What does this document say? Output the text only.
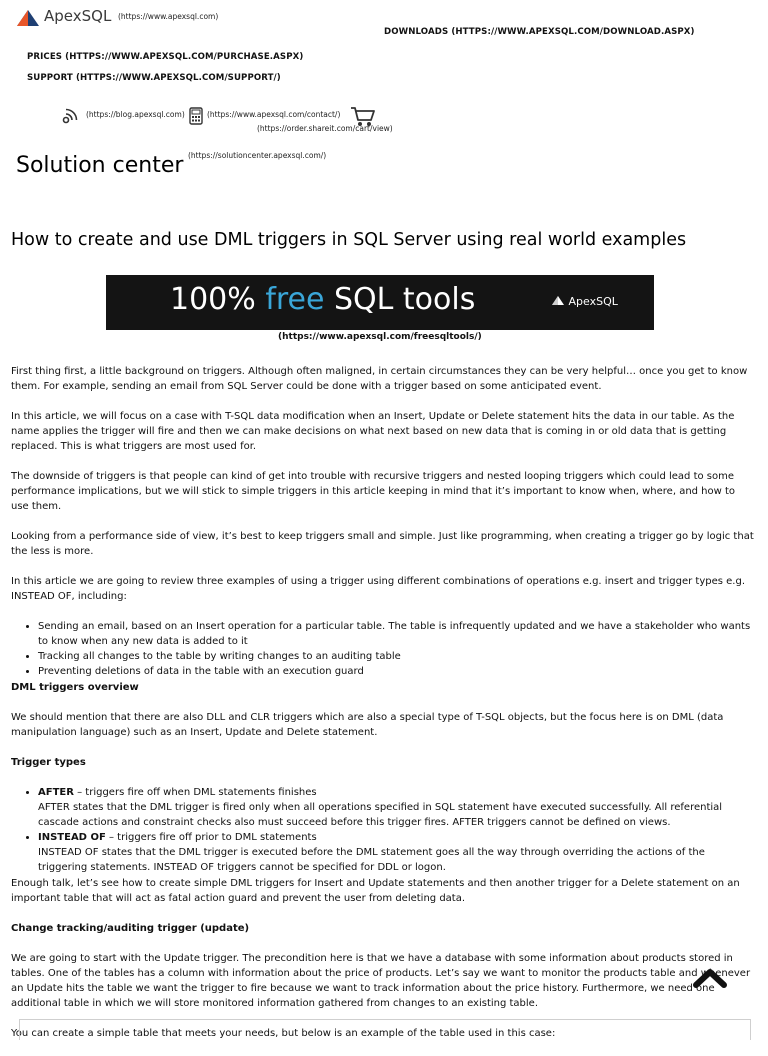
ApexSQL (https://www.apexsql.com)
DOWNLOADS (HTTPS://WWW.APEXSQL.COM/DOWNLOAD.ASPX)
PRICES (HTTPS://WWW.APEXSQL.COM/PURCHASE.ASPX)
SUPPORT (HTTPS://WWW.APEXSQL.COM/SUPPORT/)
(https://blog.apexsql.com)	(https://www.apexsql.com/contact/)
(https://order.shareit.com/cart/view)
Solution center (https://solutioncenter.apexsql.com/)
How to create and use DML triggers in SQL Server using real world examples
100% free SQL tools	ApexSQL
(https://www.apexsql.com/freesqltools/)

First thing first, a little background on triggers. Although often maligned, in certain circumstances they can be very helpful… once you get to know them. For example, sending an email from SQL Server could be done with a trigger based on some anticipated event.

In this article, we will focus on a case with T-SQL data modification when an Insert, Update or Delete statement hits the data in our table. As the name applies the trigger will fire and then we can make decisions on what next based on new data that is coming in or old data that is getting replaced. This is what triggers are most used for.

The downside of triggers is that people can kind of get into trouble with recursive triggers and nested looping triggers which could lead to some performance implications, but we will stick to simple triggers in this article keeping in mind that it’s important to know when, where, and how to use them.

Looking from a performance side of view, it’s best to keep triggers small and simple. Just like programming, when creating a trigger go by logic that the less is more.

In this article we are going to review three examples of using a trigger using different combinations of operations e.g. insert and trigger types e.g. INSTEAD OF, including:

• Sending an email, based on an Insert operation for a particular table. The table is infrequently updated and we have a stakeholder who wants to know when any new data is added to it
• Tracking all changes to the table by writing changes to an auditing table
• Preventing deletions of data in the table with an execution guard
DML triggers overview

We should mention that there are also DLL and CLR triggers which are also a special type of T-SQL objects, but the focus here is on DML (data manipulation language) such as an Insert, Update and Delete statement.

Trigger types
• AFTER – triggers fire off when DML statements finishes
AFTER states that the DML trigger is fired only when all operations specified in SQL statement have executed successfully. All referential cascade actions and constraint checks also must succeed before this trigger fires. AFTER triggers cannot be defined on views.
• INSTEAD OF – triggers fire off prior to DML statements
INSTEAD OF states that the DML trigger is executed before the DML statement goes all the way through overriding the actions of the triggering statements. INSTEAD OF triggers cannot be specified for DDL or logon.

Enough talk, let’s see how to create simple DML triggers for Insert and Update statements and then another trigger for a Delete statement on an important table that will act as fatal action guard and prevent the user from deleting data.

Change tracking/auditing trigger (update)

We are going to start with the Update trigger. The precondition here is that we have a database with some information about products stored in tables. One of the tables has a column with information about the price of products. Let’s say we want to monitor the products table and whenever an Update hits the table we want the trigger to fire because we want to track information about the price history. Furthermore, we need one additional table in which we will store monitored information gathered from changes to an existing table.

You can create a simple table that meets your needs, but below is an example of the table used in this case:
